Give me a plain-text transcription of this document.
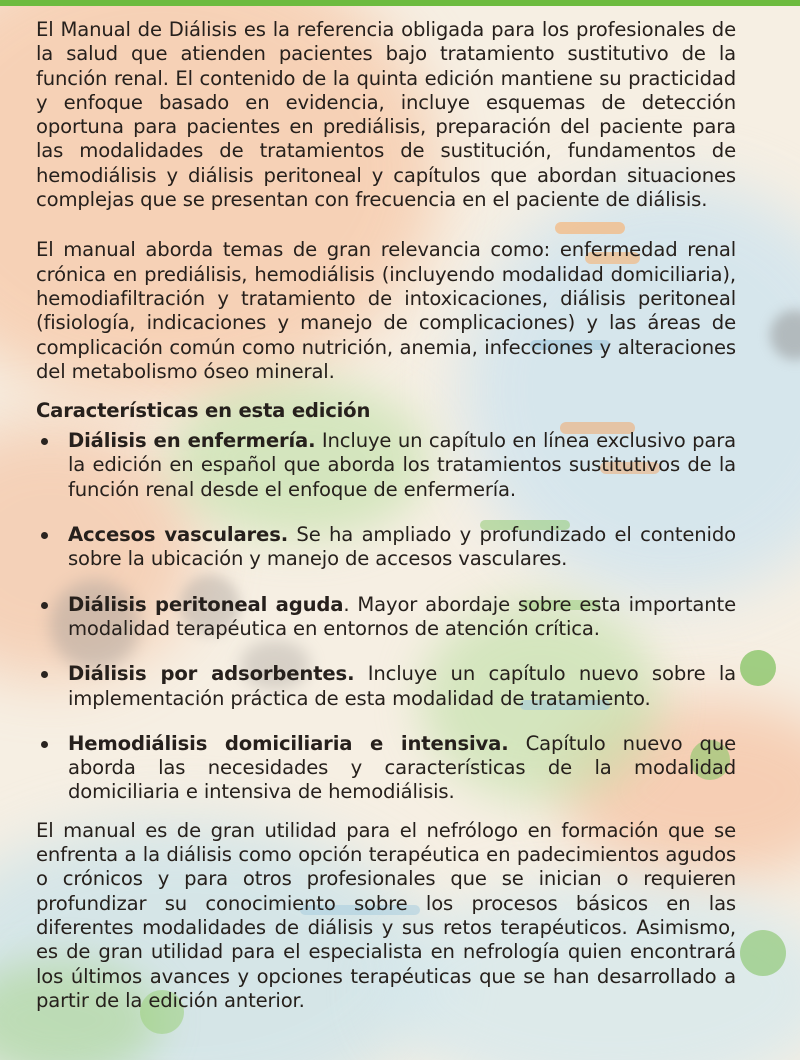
El Manual de Diálisis es la referencia obligada para los profesionales de la salud que atienden pacientes bajo tratamiento sustitutivo de la función renal. El contenido de la quinta edición mantiene su practicidad y enfoque basado en evidencia, incluye esquemas de detección oportuna para pacientes en prediálisis, preparación del paciente para las modalidades de tratamientos de sustitución, fundamentos de hemodiálisis y diálisis peritoneal y capítulos que abordan situaciones complejas que se presentan con frecuencia en el paciente de diálisis.

El manual aborda temas de gran relevancia como: enfermedad renal crónica en prediálisis, hemodiálisis (incluyendo modalidad domiciliaria), hemodiafiltración y tratamiento de intoxicaciones, diálisis peritoneal (fisiología, indicaciones y manejo de complicaciones) y las áreas de complicación común como nutrición, anemia, infecciones y alteraciones del metabolismo óseo mineral.

Características en esta edición
Diálisis en enfermería. Incluye un capítulo en línea exclusivo para la edición en español que aborda los tratamientos sustitutivos de la función renal desde el enfoque de enfermería.
Accesos vasculares. Se ha ampliado y profundizado el contenido sobre la ubicación y manejo de accesos vasculares.
Diálisis peritoneal aguda. Mayor abordaje sobre esta importante modalidad terapéutica en entornos de atención crítica.
Diálisis por adsorbentes. Incluye un capítulo nuevo sobre la implementación práctica de esta modalidad de tratamiento.
Hemodiálisis domiciliaria e intensiva. Capítulo nuevo que aborda las necesidades y características de la modalidad domiciliaria e intensiva de hemodiálisis.

El manual es de gran utilidad para el nefrólogo en formación que se enfrenta a la diálisis como opción terapéutica en padecimientos agudos o crónicos y para otros profesionales que se inician o requieren profundizar su conocimiento sobre los procesos básicos en las diferentes modalidades de diálisis y sus retos terapéuticos. Asimismo, es de gran utilidad para el especialista en nefrología quien encontrará los últimos avances y opciones terapéuticas que se han desarrollado a partir de la edición anterior.
